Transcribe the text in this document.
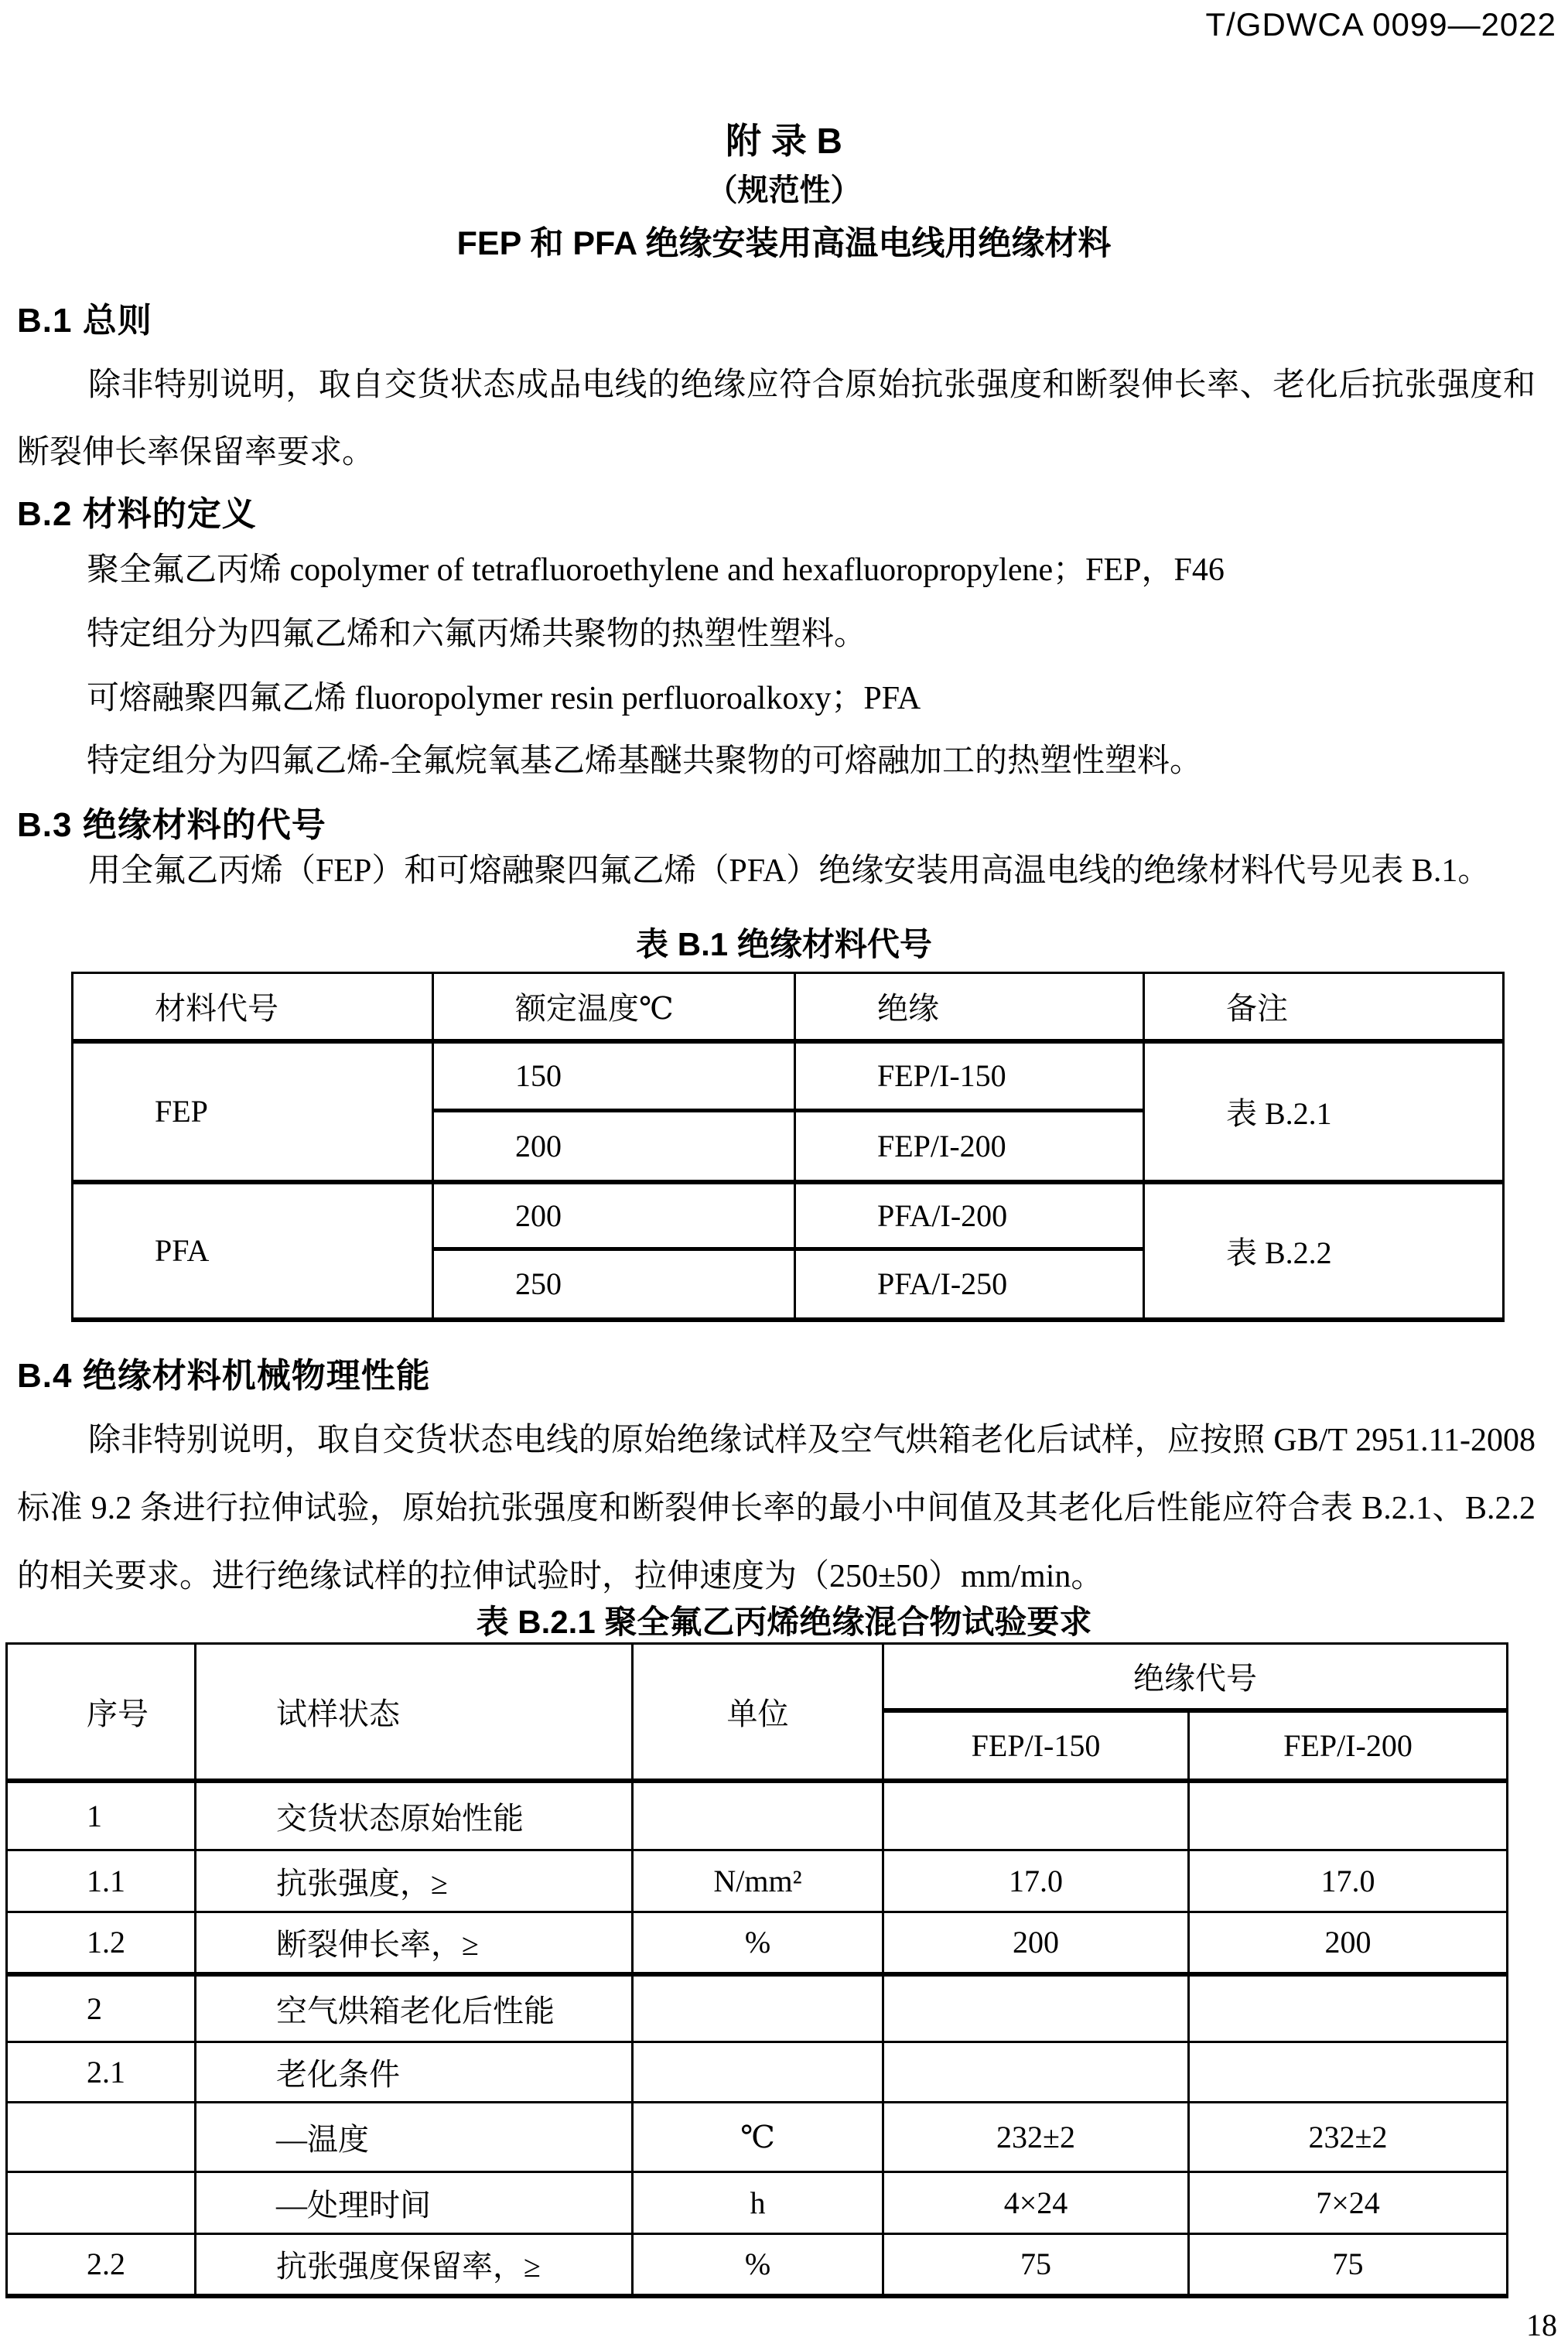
T/GDWCA 0099—2022
附 录 B
（规范性）
FEP 和 PFA 绝缘安装用高温电线用绝缘材料
B.1 总则
除非特别说明，取自交货状态成品电线的绝缘应符合原始抗张强度和断裂伸长率、老化后抗张强度和断裂伸长率保留率要求。
B.2 材料的定义
聚全氟乙丙烯 copolymer of tetrafluoroethylene and hexafluoropropylene；FEP，F46
特定组分为四氟乙烯和六氟丙烯共聚物的热塑性塑料。
可熔融聚四氟乙烯 fluoropolymer resin perfluoroalkoxy；PFA
特定组分为四氟乙烯-全氟烷氧基乙烯基醚共聚物的可熔融加工的热塑性塑料。
B.3 绝缘材料的代号
用全氟乙丙烯（FEP）和可熔融聚四氟乙烯（PFA）绝缘安装用高温电线的绝缘材料代号见表 B.1。
表 B.1 绝缘材料代号
材料代号	额定温度℃	绝缘	备注
FEP	150	FEP/I-150	表 B.2.1
	200	FEP/I-200	
PFA	200	PFA/I-200	表 B.2.2
	250	PFA/I-250	
B.4 绝缘材料机械物理性能
除非特别说明，取自交货状态电线的原始绝缘试样及空气烘箱老化后试样，应按照 GB/T 2951.11-2008 标准 9.2 条进行拉伸试验，原始抗张强度和断裂伸长率的最小中间值及其老化后性能应符合表 B.2.1、B.2.2 的相关要求。进行绝缘试样的拉伸试验时，拉伸速度为（250±50）mm/min。
表 B.2.1 聚全氟乙丙烯绝缘混合物试验要求
序号	试样状态	单位	绝缘代号	
			FEP/I-150	FEP/I-200
1	交货状态原始性能			
1.1	抗张强度，≥	N/mm²	17.0	17.0
1.2	断裂伸长率，≥	%	200	200
2	空气烘箱老化后性能			
2.1	老化条件			
	—温度	℃	232±2	232±2
	—处理时间	h	4×24	7×24
2.2	抗张强度保留率，≥	%	75	75
18
